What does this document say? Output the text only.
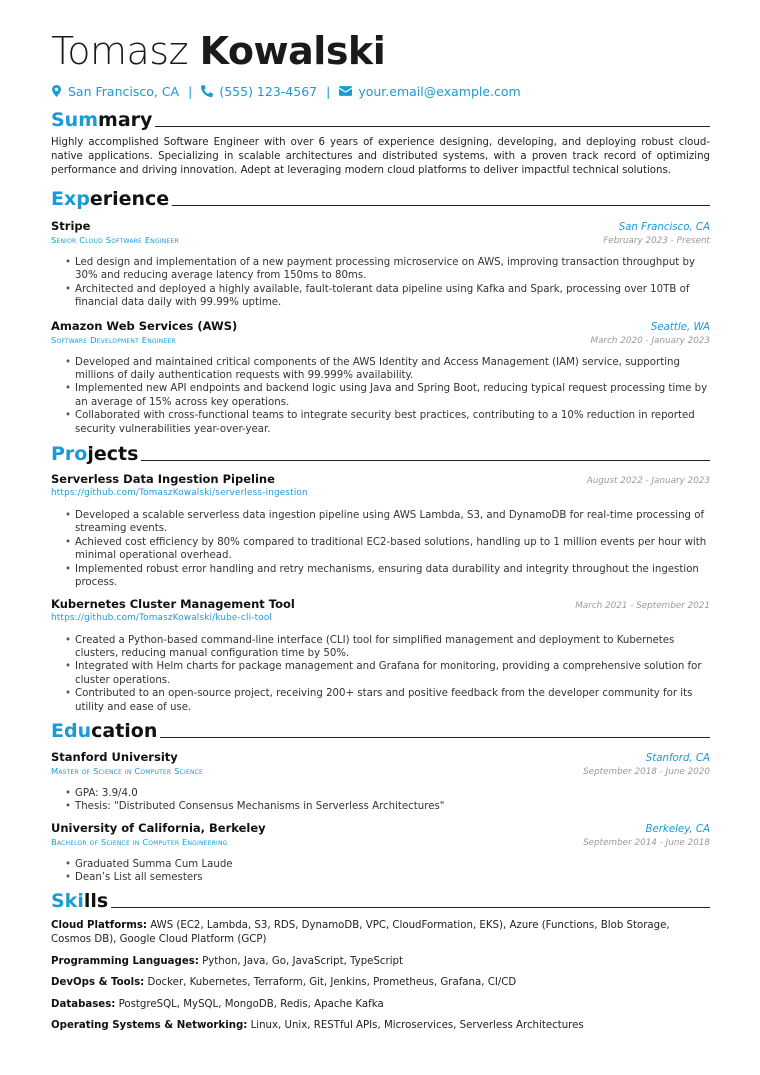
Tomasz Kowalski
San Francisco, CA | (555) 123-4567 | your.email@example.com
Summary

Highly accomplished Software Engineer with over 6 years of experience designing, developing, and deploying robust cloud-native applications. Specializing in scalable architectures and distributed systems, with a proven track record of optimizing performance and driving innovation. Adept at leveraging modern cloud platforms to deliver impactful technical solutions.

Experience
Stripe	San Francisco, CA
Senior Cloud Software Engineer	February 2023 - Present
• Led design and implementation of a new payment processing microservice on AWS, improving transaction throughput by 30% and reducing average latency from 150ms to 80ms.
• Architected and deployed a highly available, fault-tolerant data pipeline using Kafka and Spark, processing over 10TB of financial data daily with 99.99% uptime.
Amazon Web Services (AWS)	Seattle, WA
Software Development Engineer	March 2020 - January 2023
• Developed and maintained critical components of the AWS Identity and Access Management (IAM) service, supporting millions of daily authentication requests with 99.999% availability.
• Implemented new API endpoints and backend logic using Java and Spring Boot, reducing typical request processing time by an average of 15% across key operations.
• Collaborated with cross-functional teams to integrate security best practices, contributing to a 10% reduction in reported security vulnerabilities year-over-year.
Projects
Serverless Data Ingestion Pipeline	August 2022 - January 2023
https://github.com/TomaszKowalski/serverless-ingestion
• Developed a scalable serverless data ingestion pipeline using AWS Lambda, S3, and DynamoDB for real-time processing of streaming events.
• Achieved cost efficiency by 80% compared to traditional EC2-based solutions, handling up to 1 million events per hour with minimal operational overhead.
• Implemented robust error handling and retry mechanisms, ensuring data durability and integrity throughout the ingestion process.
Kubernetes Cluster Management Tool	March 2021 - September 2021
https://github.com/TomaszKowalski/kube-cli-tool
• Created a Python-based command-line interface (CLI) tool for simplified management and deployment to Kubernetes clusters, reducing manual configuration time by 50%.
• Integrated with Helm charts for package management and Grafana for monitoring, providing a comprehensive solution for cluster operations.
• Contributed to an open-source project, receiving 200+ stars and positive feedback from the developer community for its utility and ease of use.
Education
Stanford University	Stanford, CA
Master of Science in Computer Science	September 2018 - June 2020
• GPA: 3.9/4.0
• Thesis: "Distributed Consensus Mechanisms in Serverless Architectures"
University of California, Berkeley	Berkeley, CA
Bachelor of Science in Computer Engineering	September 2014 - June 2018
• Graduated Summa Cum Laude
• Dean’s List all semesters
Skills

Cloud Platforms: AWS (EC2, Lambda, S3, RDS, DynamoDB, VPC, CloudFormation, EKS), Azure (Functions, Blob Storage, Cosmos DB), Google Cloud Platform (GCP)

Programming Languages: Python, Java, Go, JavaScript, TypeScript

DevOps & Tools: Docker, Kubernetes, Terraform, Git, Jenkins, Prometheus, Grafana, CI/CD

Databases: PostgreSQL, MySQL, MongoDB, Redis, Apache Kafka

Operating Systems & Networking: Linux, Unix, RESTful APIs, Microservices, Serverless Architectures
